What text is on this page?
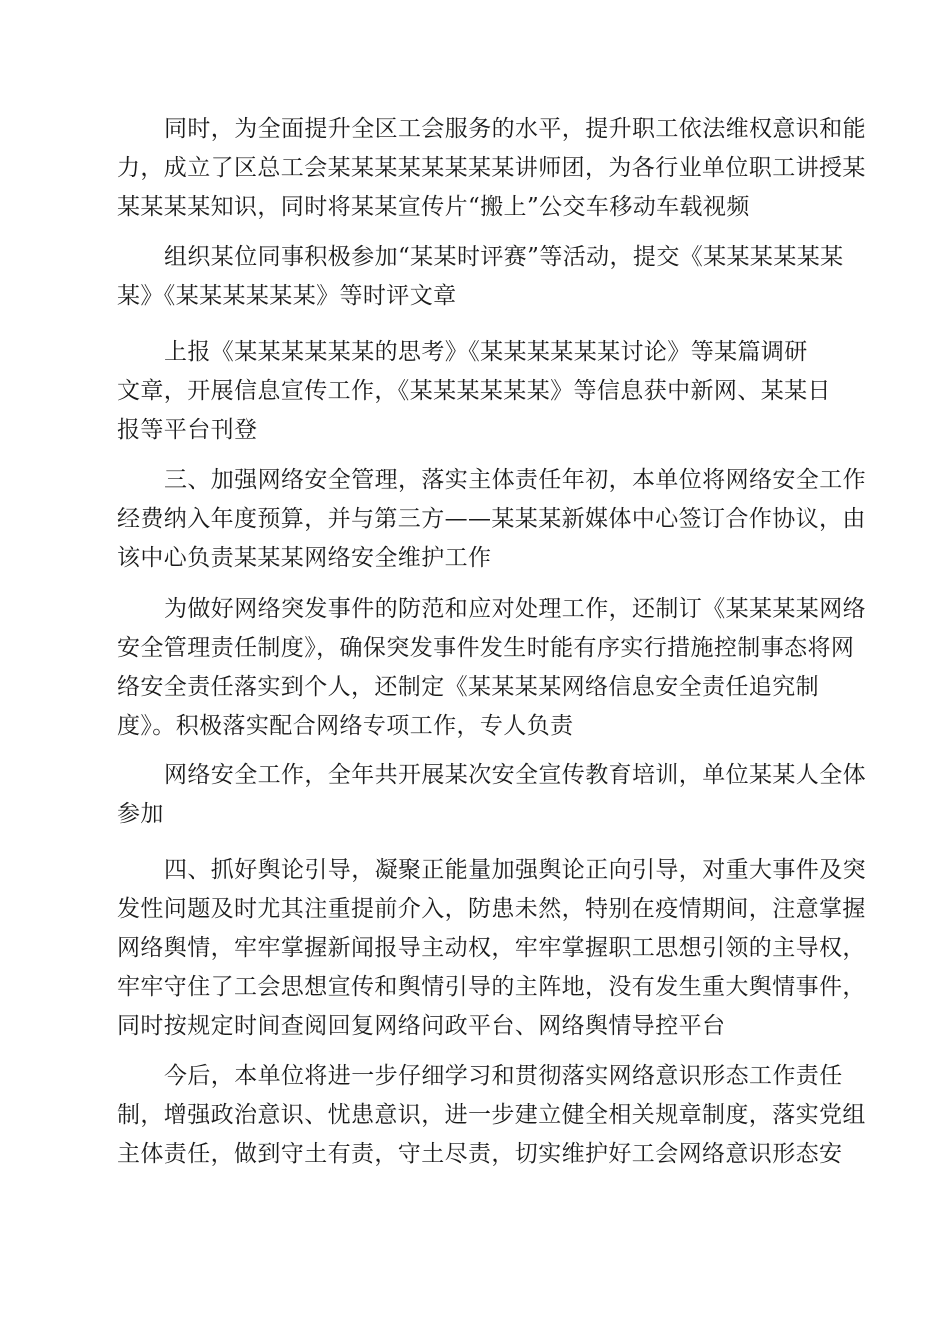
同时，为全面提升全区工会服务的水平，提升职工依法维权意识和能
力，成立了区总工会某某某某某某某某讲师团，为各行业单位职工讲授某
某某某某知识，同时将某某宣传片“搬上”公交车移动车载视频

组织某位同事积极参加“某某时评赛”等活动，提交《某某某某某某
某》《某某某某某某》等时评文章

上报《某某某某某某的思考》《某某某某某某讨论》等某篇调研
文章，开展信息宣传工作，《某某某某某某》等信息获中新网、某某日
报等平台刊登

三、加强网络安全管理，落实主体责任年初，本单位将网络安全工作
经费纳入年度预算，并与第三方——某某某新媒体中心签订合作协议，由
该中心负责某某某网络安全维护工作

为做好网络突发事件的防范和应对处理工作，还制订《某某某某网络
安全管理责任制度》，确保突发事件发生时能有序实行措施控制事态将网
络安全责任落实到个人，还制定《某某某某网络信息安全责任追究制
度》。积极落实配合网络专项工作，专人负责

网络安全工作，全年共开展某次安全宣传教育培训，单位某某人全体
参加

四、抓好舆论引导，凝聚正能量加强舆论正向引导，对重大事件及突
发性问题及时尤其注重提前介入，防患未然，特别在疫情期间，注意掌握
网络舆情，牢牢掌握新闻报导主动权，牢牢掌握职工思想引领的主导权，
牢牢守住了工会思想宣传和舆情引导的主阵地，没有发生重大舆情事件，
同时按规定时间查阅回复网络问政平台、网络舆情导控平台

今后，本单位将进一步仔细学习和贯彻落实网络意识形态工作责任
制，增强政治意识、忧患意识，进一步建立健全相关规章制度，落实党组
主体责任，做到守土有责，守土尽责，切实维护好工会网络意识形态安
